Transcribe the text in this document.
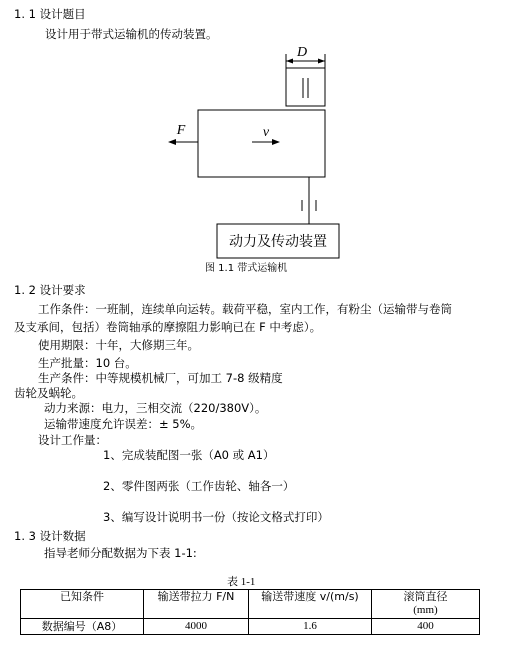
1. 1 设计题目
设计用于带式运输机的传动装置。
D
F	v
动力及传动装置
图 1.1 带式运输机
1. 2 设计要求
工作条件：一班制，连续单向运转。载荷平稳，室内工作，有粉尘（运输带与卷筒
及支承间，包括）卷筒轴承的摩擦阻力影响已在 F 中考虑）。
使用期限：十年，大修期三年。
生产批量：10 台。
生产条件：中等规模机械厂，可加工 7-8 级精度
齿轮及蜗轮。
动力来源：电力，三相交流（220/380V）。
运输带速度允许误差：± 5%。
设计工作量：
1、完成装配图一张（A0 或 A1）
2、零件图两张（工作齿轮、轴各一）
3、编写设计说明书一份（按论文格式打印）
1. 3 设计数据
指导老师分配数据为下表 1-1:
表 1-1
已知条件	输送带拉力 F/N	输送带速度 v/(m/s)	滚筒直径
(mm)
数据编号（A8）	4000	1.6	400
